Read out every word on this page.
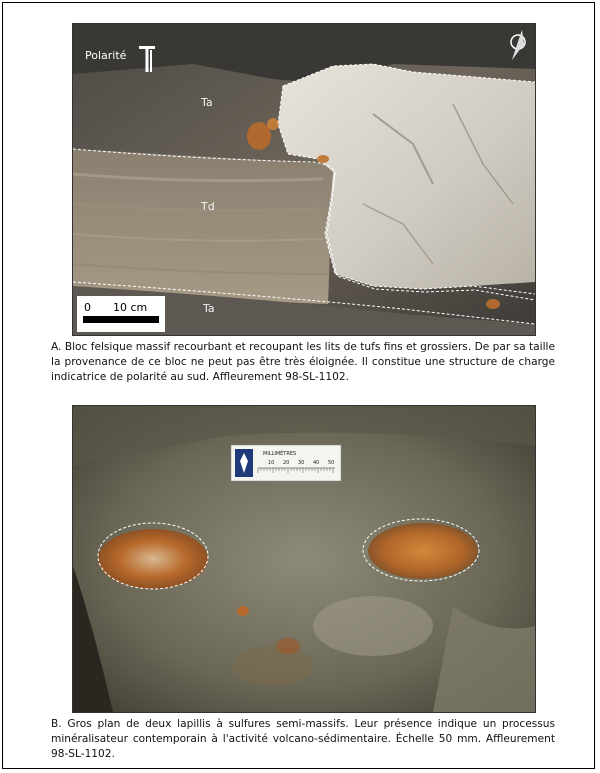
Polarité
Ta
Td
Ta
0 10 cm
A. Bloc felsique massif recourbant et recoupant les lits de tufs fins et grossiers. De par sa taille la provenance de ce bloc ne peut pas être très éloignée. Il constitue une structure de charge indicatrice de polarité au sud. Affleurement 98-SL-1102.
MILLIMÈTRES
10 20 30 40 50
B. Gros plan de deux lapillis à sulfures semi-massifs. Leur présence indique un processus minéralisateur contemporain à l'activité volcano-sédimentaire. Échelle 50 mm. Affleurement 98-SL-1102.
